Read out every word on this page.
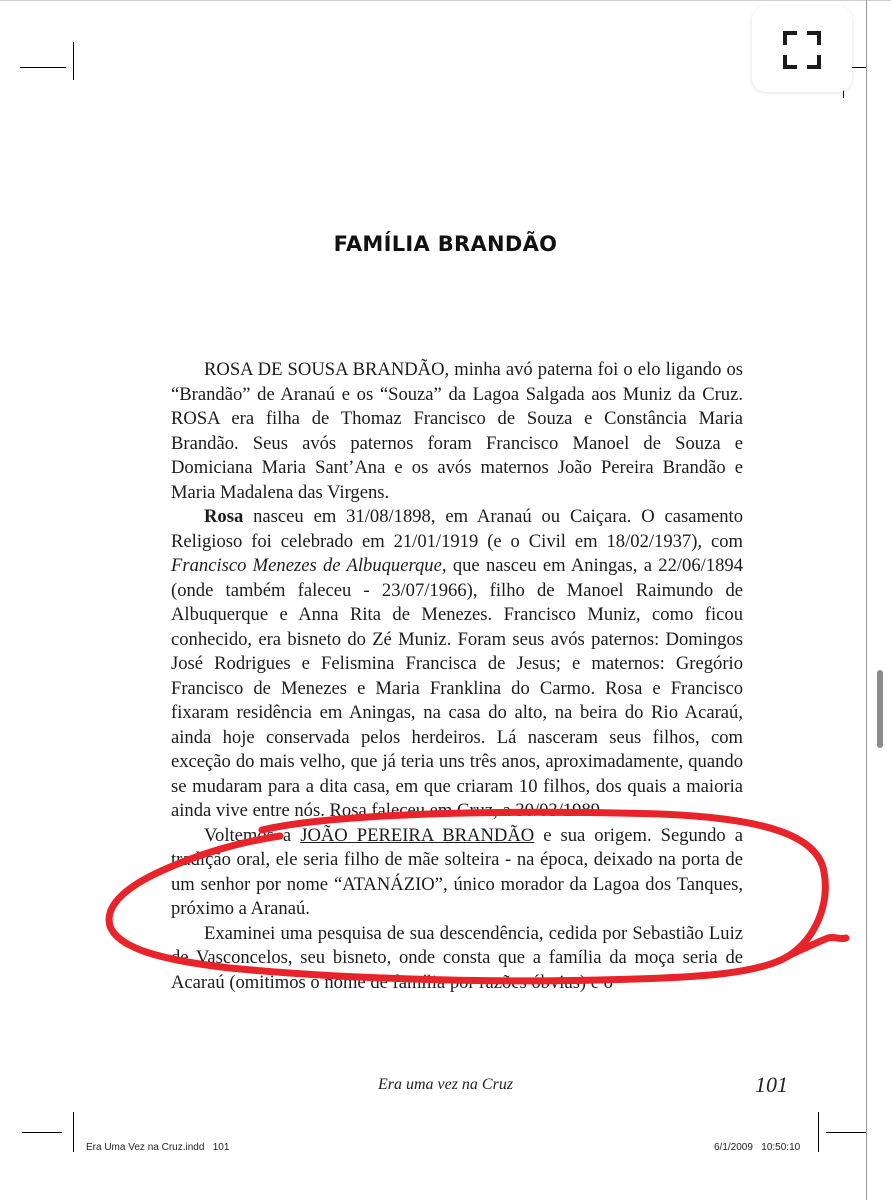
FAMÍLIA BRANDÃO

ROSA DE SOUSA BRANDÃO, minha avó paterna foi o elo ligando os “Brandão” de Aranaú e os “Souza” da Lagoa Salgada aos Muniz da Cruz. ROSA era filha de Thomaz Francisco de Souza e Constância Maria Brandão. Seus avós paternos foram Francisco Manoel de Souza e Domiciana Maria Sant’Ana e os avós maternos João Pereira Brandão e Maria Madalena das Virgens.

Rosa nasceu em 31/08/1898, em Aranaú ou Caiçara. O casamento Religioso foi celebrado em 21/01/1919 (e o Civil em 18/02/1937), com Francisco Menezes de Albuquerque, que nasceu em Aningas, a 22/06/1894 (onde também faleceu - 23/07/1966), filho de Manoel Raimundo de Albuquerque e Anna Rita de Menezes. Francisco Muniz, como ficou conhecido, era bisneto do Zé Muniz. Foram seus avós paternos: Domingos José Rodrigues e Felismina Francisca de Jesus; e maternos: Gregório Francisco de Menezes e Maria Franklina do Carmo. Rosa e Francisco fixaram residência em Aningas, na casa do alto, na beira do Rio Acaraú, ainda hoje conservada pelos herdeiros. Lá nasceram seus filhos, com exceção do mais velho, que já teria uns três anos, aproximadamente, quando se mudaram para a dita casa, em que criaram 10 filhos, dos quais a maioria ainda vive entre nós. Rosa faleceu em Cruz, a 30/03/1989.

Voltemos a JOÃO PEREIRA BRANDÃO e sua origem. Segundo a tradição oral, ele seria filho de mãe solteira - na época, deixado na porta de um senhor por nome “ATANÁZIO”, único morador da Lagoa dos Tanques, próximo a Aranaú.

Examinei uma pesquisa de sua descendência, cedida por Sebastião Luiz de Vasconcelos, seu bisneto, onde consta que a família da moça seria de Acaraú (omitimos o nome de família por razões óbvias) e o

Era uma vez na Cruz	101
Era Uma Vez na Cruz.indd   101	6/1/2009   10:50:10
